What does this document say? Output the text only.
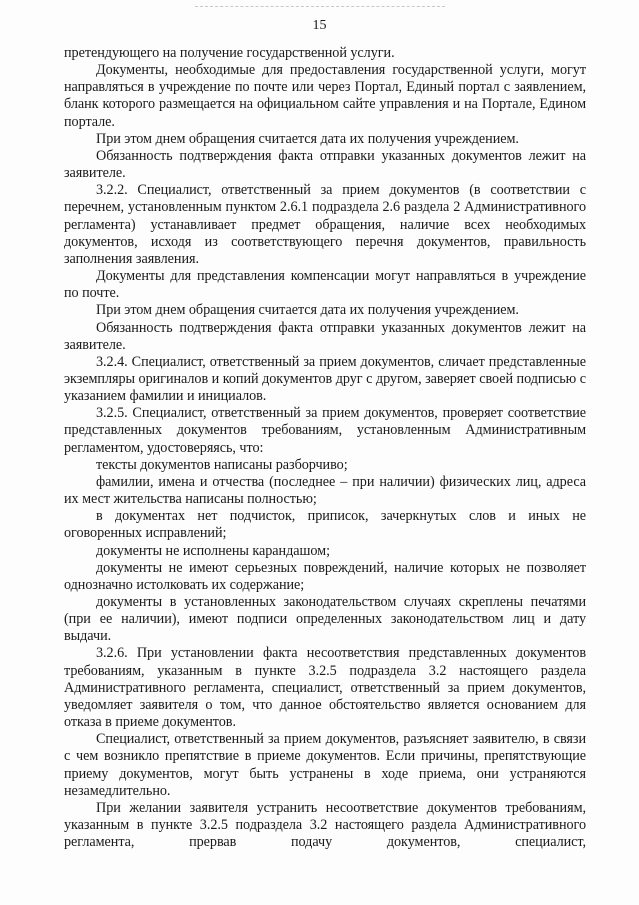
15

претендующего на получение государственной услуги.

Документы, необходимые для предоставления государственной услуги, могут направляться в учреждение по почте или через Портал, Единый портал с заявлением, бланк которого размещается на официальном сайте управления и на Портале, Едином портале.

При этом днем обращения считается дата их получения учреждением.

Обязанность подтверждения факта отправки указанных документов лежит на заявителе.

3.2.2. Специалист, ответственный за прием документов (в соответствии с перечнем, установленным пунктом 2.6.1 подраздела 2.6 раздела 2 Административного регламента) устанавливает предмет обращения, наличие всех необходимых документов, исходя из соответствующего перечня документов, правильность заполнения заявления.

Документы для представления компенсации могут направляться в учреждение по почте.

При этом днем обращения считается дата их получения учреждением.

Обязанность подтверждения факта отправки указанных документов лежит на заявителе.

3.2.4. Специалист, ответственный за прием документов, сличает представленные экземпляры оригиналов и копий документов друг с другом, заверяет своей подписью с указанием фамилии и инициалов.

3.2.5. Специалист, ответственный за прием документов, проверяет соответствие представленных документов требованиям, установленным Административным регламентом, удостоверяясь, что:

тексты документов написаны разборчиво;

фамилии, имена и отчества (последнее – при наличии) физических лиц, адреса их мест жительства написаны полностью;

в документах нет подчисток, приписок, зачеркнутых слов и иных не оговоренных исправлений;

документы не исполнены карандашом;

документы не имеют серьезных повреждений, наличие которых не позволяет однозначно истолковать их содержание;

документы в установленных законодательством случаях скреплены печатями (при ее наличии), имеют подписи определенных законодательством лиц и дату выдачи.

3.2.6. При установлении факта несоответствия представленных документов требованиям, указанным в пункте 3.2.5 подраздела 3.2 настоящего раздела Административного регламента, специалист, ответственный за прием документов, уведомляет заявителя о том, что данное обстоятельство является основанием для отказа в приеме документов.

Специалист, ответственный за прием документов, разъясняет заявителю, в связи с чем возникло препятствие в приеме документов. Если причины, препятствующие приему документов, могут быть устранены в ходе приема, они устраняются незамедлительно.

При желании заявителя устранить несоответствие документов требованиям, указанным в пункте 3.2.5 подраздела 3.2 настоящего раздела Административного регламента, прервав подачу документов, специалист,
